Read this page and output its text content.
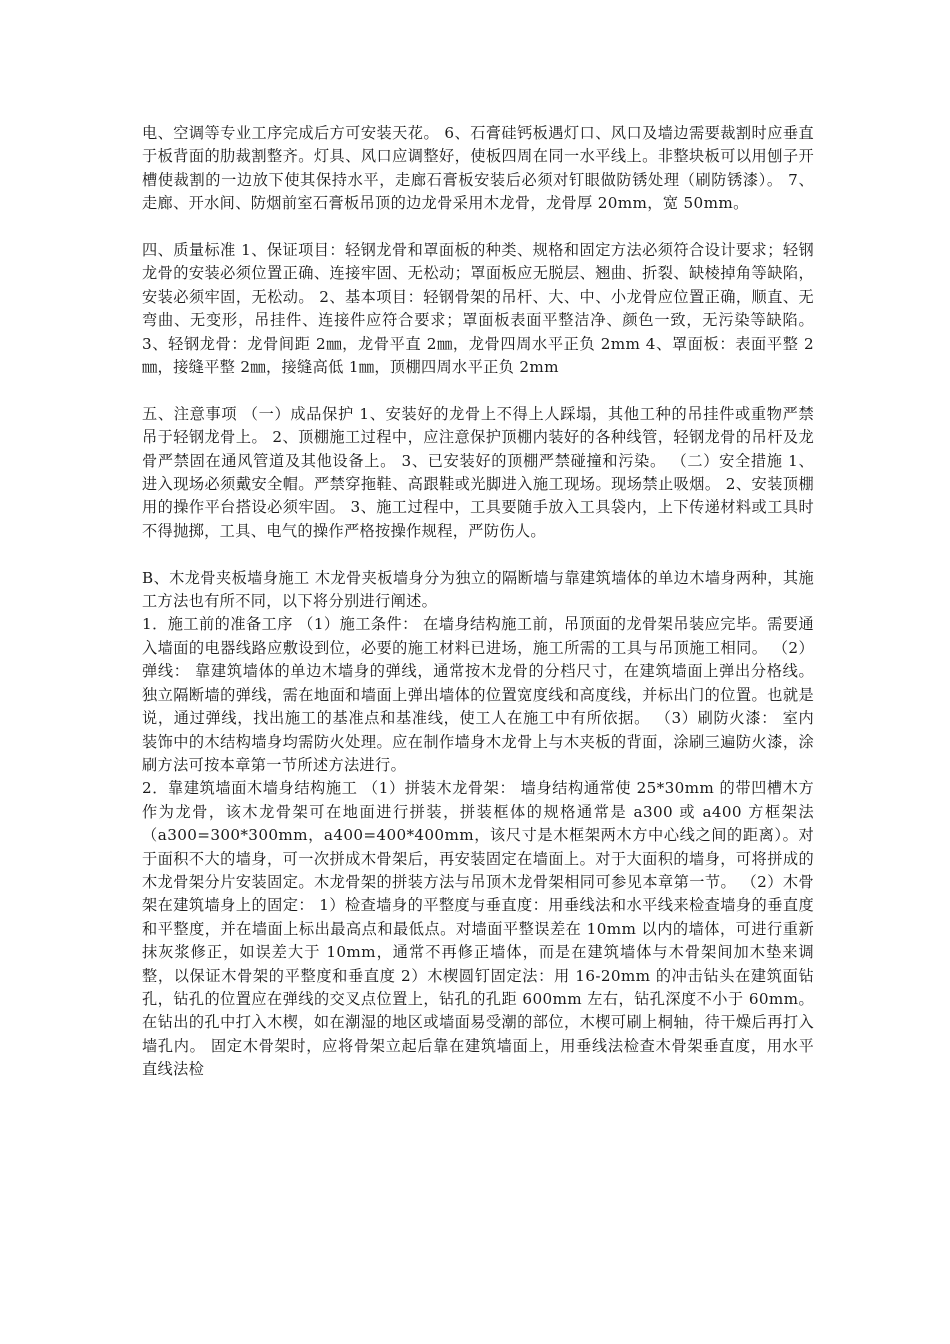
电、空调等专业工序完成后方可安装天花。 6、石膏硅钙板遇灯口、风口及墙边需要裁割时应垂直于板背面的肋裁割整齐。灯具、风口应调整好，使板四周在同一水平线上。非整块板可以用刨子开槽使裁割的一边放下使其保持水平，走廊石膏板安装后必须对钉眼做防锈处理（刷防锈漆）。 7、走廊、开水间、防烟前室石膏板吊顶的边龙骨采用木龙骨，龙骨厚 20mm，宽 50mm。

四、质量标准 1、保证项目：轻钢龙骨和罩面板的种类、规格和固定方法必须符合设计要求；轻钢龙骨的安装必须位置正确、连接牢固、无松动；罩面板应无脱层、翘曲、折裂、缺棱掉角等缺陷，安装必须牢固，无松动。 2、基本项目：轻钢骨架的吊杆、大、中、小龙骨应位置正确，顺直、无弯曲、无变形，吊挂件、连接件应符合要求；罩面板表面平整洁净、颜色一致，无污染等缺陷。 3、轻钢龙骨：龙骨间距 2㎜，龙骨平直 2㎜，龙骨四周水平正负 2mm 4、罩面板：表面平整 2㎜，接缝平整 2㎜，接缝高低 1㎜，顶棚四周水平正负 2mm

五、注意事项 （一）成品保护 1、安装好的龙骨上不得上人踩塌，其他工种的吊挂件或重物严禁吊于轻钢龙骨上。 2、顶棚施工过程中，应注意保护顶棚内装好的各种线管，轻钢龙骨的吊杆及龙骨严禁固在通风管道及其他设备上。 3、已安装好的顶棚严禁碰撞和污染。 （二）安全措施 1、进入现场必须戴安全帽。严禁穿拖鞋、高跟鞋或光脚进入施工现场。现场禁止吸烟。 2、安装顶棚用的操作平台搭设必须牢固。 3、施工过程中，工具要随手放入工具袋内，上下传递材料或工具时不得抛掷，工具、电气的操作严格按操作规程，严防伤人。

B、木龙骨夹板墙身施工 木龙骨夹板墙身分为独立的隔断墙与靠建筑墙体的单边木墙身两种，其施工方法也有所不同，以下将分别进行阐述。

1．施工前的准备工序 （1）施工条件： 在墙身结构施工前，吊顶面的龙骨架吊装应完毕。需要通入墙面的电器线路应敷设到位，必要的施工材料已进场，施工所需的工具与吊顶施工相同。 （2）弹线： 靠建筑墙体的单边木墙身的弹线，通常按木龙骨的分档尺寸，在建筑墙面上弹出分格线。 独立隔断墙的弹线，需在地面和墙面上弹出墙体的位置宽度线和高度线，并标出门的位置。也就是说，通过弹线，找出施工的基准点和基准线，使工人在施工中有所依据。 （3）刷防火漆： 室内装饰中的木结构墙身均需防火处理。应在制作墙身木龙骨上与木夹板的背面，涂刷三遍防火漆，涂刷方法可按本章第一节所述方法进行。

2．靠建筑墙面木墙身结构施工 （1）拼装木龙骨架： 墙身结构通常使 25*30mm 的带凹槽木方作为龙骨，该木龙骨架可在地面进行拼装，拼装框体的规格通常是 a300 或 a400 方框架法（a300=300*300mm，a400=400*400mm，该尺寸是木框架两木方中心线之间的距离）。对于面积不大的墙身，可一次拼成木骨架后，再安装固定在墙面上。对于大面积的墙身，可将拼成的木龙骨架分片安装固定。木龙骨架的拼装方法与吊顶木龙骨架相同可参见本章第一节。 （2）木骨架在建筑墙身上的固定： 1）检查墙身的平整度与垂直度：用垂线法和水平线来检查墙身的垂直度和平整度，并在墙面上标出最高点和最低点。对墙面平整误差在 10mm 以内的墙体，可进行重新抹灰浆修正，如误差大于 10mm，通常不再修正墙体，而是在建筑墙体与木骨架间加木垫来调整，以保证木骨架的平整度和垂直度 2）木楔圆钉固定法：用 16-20mm 的冲击钻头在建筑面钻孔，钻孔的位置应在弹线的交叉点位置上，钻孔的孔距 600mm 左右，钻孔深度不小于 60mm。在钻出的孔中打入木楔，如在潮湿的地区或墙面易受潮的部位，木楔可刷上桐轴，待干燥后再打入墙孔内。 固定木骨架时，应将骨架立起后靠在建筑墙面上，用垂线法检查木骨架垂直度，用水平直线法检
